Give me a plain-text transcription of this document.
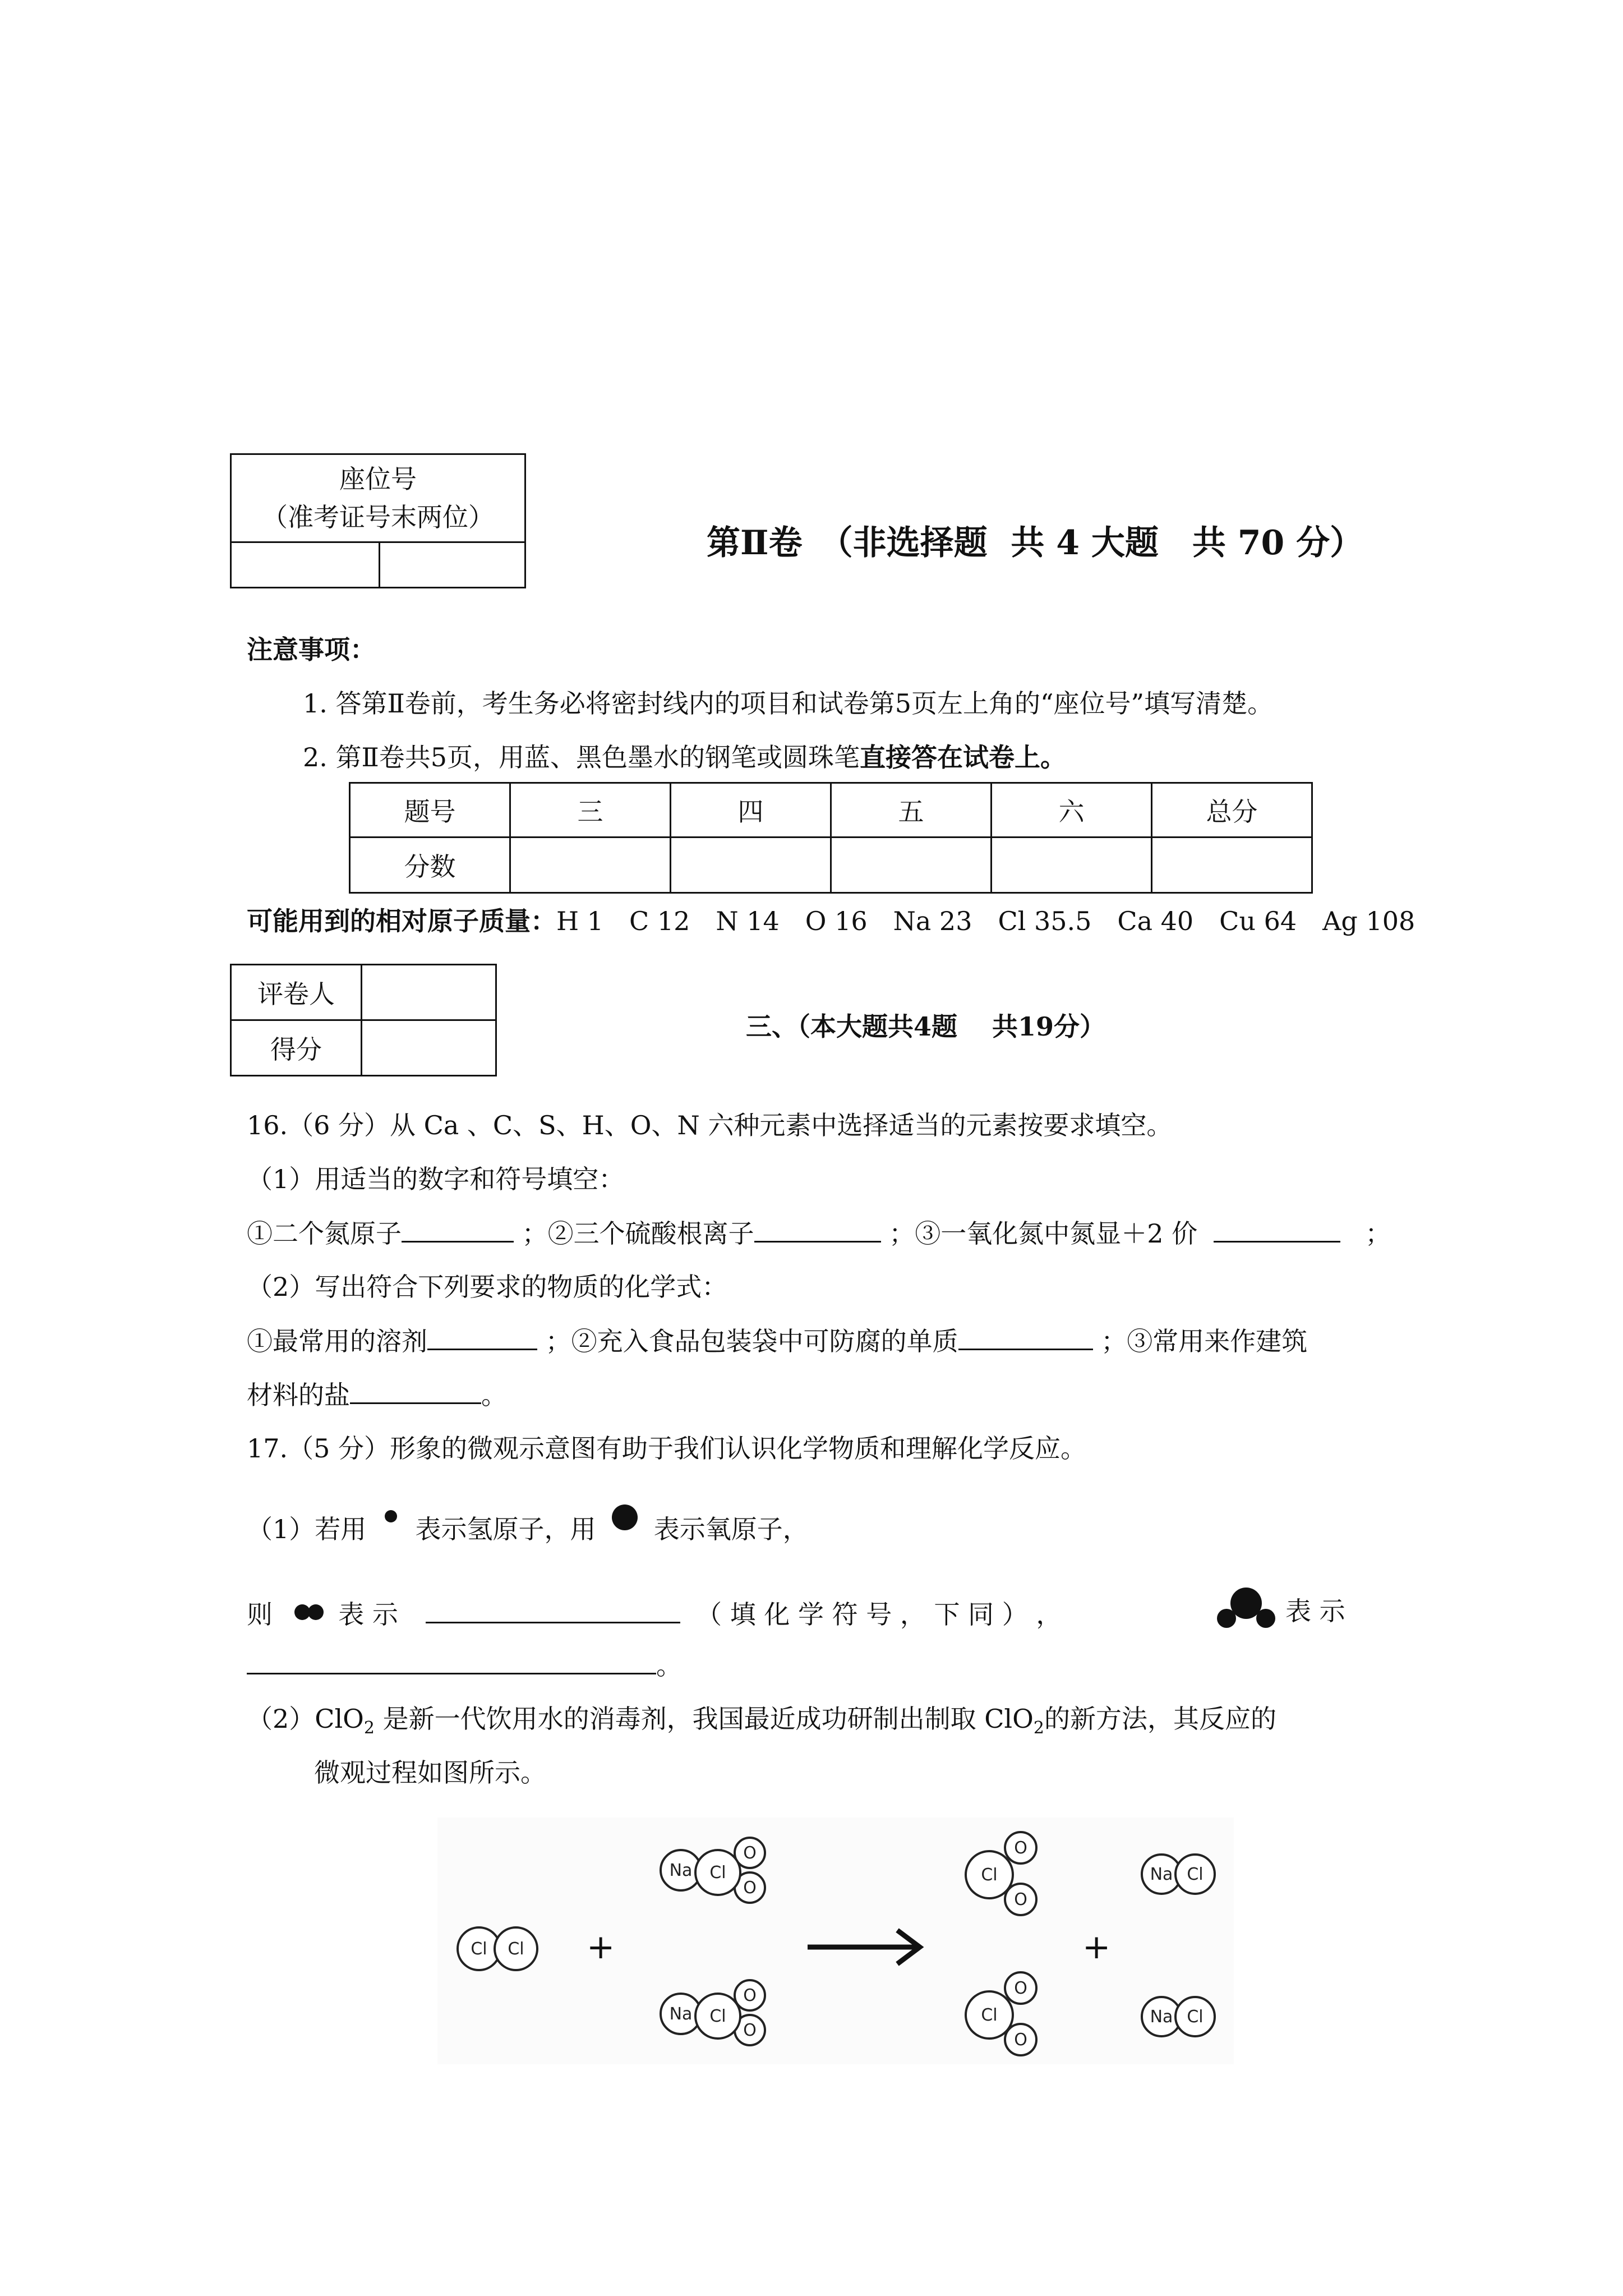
座位号
（准考证号末两位）

第Ⅱ卷　（非选择题  共 4 大题　共 70 分）
注意事项：
1. 答第Ⅱ卷前，考生务必将密封线内的项目和试卷第5页左上角的“座位号”填写清楚。
2. 第Ⅱ卷共5页，用蓝、黑色墨水的钢笔或圆珠笔直接答在试卷上。
题号	三	四	五	六	总分
分数					
可能用到的相对原子质量：H 1　C 12　N 14　O 16　Na 23　Cl 35.5　Ca 40　Cu 64　Ag 108
评卷人	
得分	
三、（本大题共4题　 共19分）
16.（6 分）从 Ca 、C、S、H、O、N 六种元素中选择适当的元素按要求填空。
（1）用适当的数字和符号填空：
①二个氮原子	；②三个硫酸根离子	；③一氧化氮中氮显＋2 价	；
（2）写出符合下列要求的物质的化学式：
①最常用的溶剂	；②充入食品包装袋中可防腐的单质	；③常用来作建筑
材料的盐	。
17.（5 分）形象的微观示意图有助于我们认识化学物质和理解化学反应。
（1）若用 表示氢原子，用 表示氧原子，
则	表 示	（ 填 化 学 符 号 ， 下 同 ） ，	表 示
。
（2）ClO$_2$ 是新一代饮用水的消毒剂，我国最近成功研制出制取 ClO$_2$的新方法，其反应的
微观过程如图所示。
Cl	Cl	+
O
O
Na	Cl
O
O
Na	Cl
O
O
Cl
O
O
Cl
+
Na Cl
Na Cl
